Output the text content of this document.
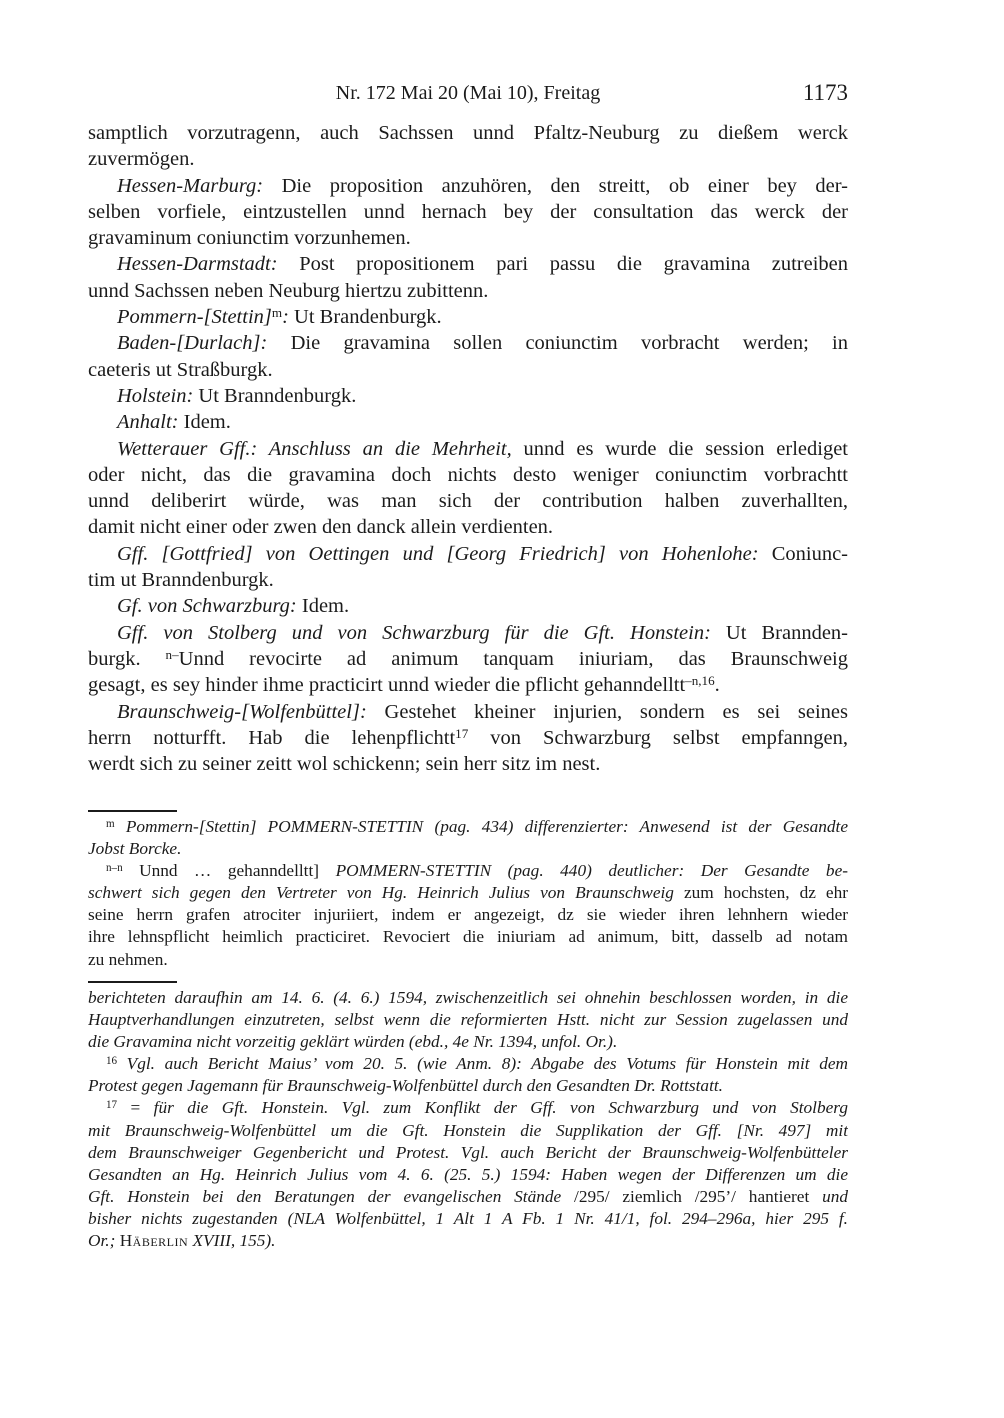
Nr. 172 Mai 20 (Mai 10), Freitag	1173
samptlich vorzutragenn, auch Sachssen unnd Pfaltz-Neuburg zu dießem werck
zuvermögen.
Hessen-Marburg: Die proposition anzuhören, den streitt, ob einer bey der-
selben vorfiele, eintzustellen unnd hernach bey der consultation das werck der
gravaminum coniunctim vorzunhemen.
Hessen-Darmstadt: Post propositionem pari passu die gravamina zutreiben
unnd Sachssen neben Neuburg hiertzu zubittenn.
Pommern-[Stettin]$^m$: Ut Brandenburgk.
Baden-[Durlach]: Die gravamina sollen coniunctim vorbracht werden; in
caeteris ut Straßburgk.
Holstein: Ut Branndenburgk.
Anhalt: Idem.
Wetterauer Gff.: Anschluss an die Mehrheit, unnd es wurde die session erlediget
oder nicht, das die gravamina doch nichts desto weniger coniunctim vorbrachtt
unnd deliberirt würde, was man sich der contribution halben zuverhallten,
damit nicht einer oder zwen den danck allein verdienten.
Gff. [Gottfried] von Oettingen und [Georg Friedrich] von Hohenlohe: Coniunc-
tim ut Branndenburgk.
Gf. von Schwarzburg: Idem.
Gff. von Stolberg und von Schwarzburg für die Gft. Honstein: Ut Brannden-
burgk. $^{n-}$Unnd revocirte ad animum tanquam iniuriam, das Braunschweig
gesagt, es sey hinder ihme practicirt unnd wieder die pflicht gehanndelltt$^{-n,16}$.
Braunschweig-[Wolfenbüttel]: Gestehet kheiner injurien, sondern es sei seines
herrn notturfft. Hab die lehenpflichtt$^{17}$ von Schwarzburg selbst empfanngen,
werdt sich zu seiner zeitt wol schickenn; sein herr sitz im nest.
$^m$ Pommern-[Stettin] POMMERN-STETTIN (pag. 434) differenzierter: Anwesend ist der Gesandte
Jobst Borcke.
$^{n-n}$ Unnd … gehanndelltt] POMMERN-STETTIN (pag. 440) deutlicher: Der Gesandte be-
schwert sich gegen den Vertreter von Hg. Heinrich Julius von Braunschweig zum hochsten, dz ehr
seine herrn grafen atrociter injuriiert, indem er angezeigt, dz sie wieder ihren lehnhern wieder
ihre lehnspflicht heimlich practiciret. Revociert die iniuriam ad animum, bitt, dasselb ad notam
zu nehmen.
berichteten daraufhin am 14. 6. (4. 6.) 1594, zwischenzeitlich sei ohnehin beschlossen worden, in die
Hauptverhandlungen einzutreten, selbst wenn die reformierten Hstt. nicht zur Session zugelassen und
die Gravamina nicht vorzeitig geklärt würden (ebd., 4e Nr. 1394, unfol. Or.).
$^{16}$ Vgl. auch Bericht Maius’ vom 20. 5. (wie Anm. 8): Abgabe des Votums für Honstein mit dem
Protest gegen Jagemann für Braunschweig-Wolfenbüttel durch den Gesandten Dr. Rottstatt.
$^{17}$ = für die Gft. Honstein. Vgl. zum Konflikt der Gff. von Schwarzburg und von Stolberg
mit Braunschweig-Wolfenbüttel um die Gft. Honstein die Supplikation der Gff. [Nr. 497] mit
dem Braunschweiger Gegenbericht und Protest. Vgl. auch Bericht der Braunschweig-Wolfenbütteler
Gesandten an Hg. Heinrich Julius vom 4. 6. (25. 5.) 1594: Haben wegen der Differenzen um die
Gft. Honstein bei den Beratungen der evangelischen Stände /295/ ziemlich /295’/ hantieret und
bisher nichts zugestanden (NLA Wolfenbüttel, 1 Alt 1 A Fb. 1 Nr. 41/1, fol. 294–296a, hier 295 f.
Or.; Häberlin XVIII, 155).
